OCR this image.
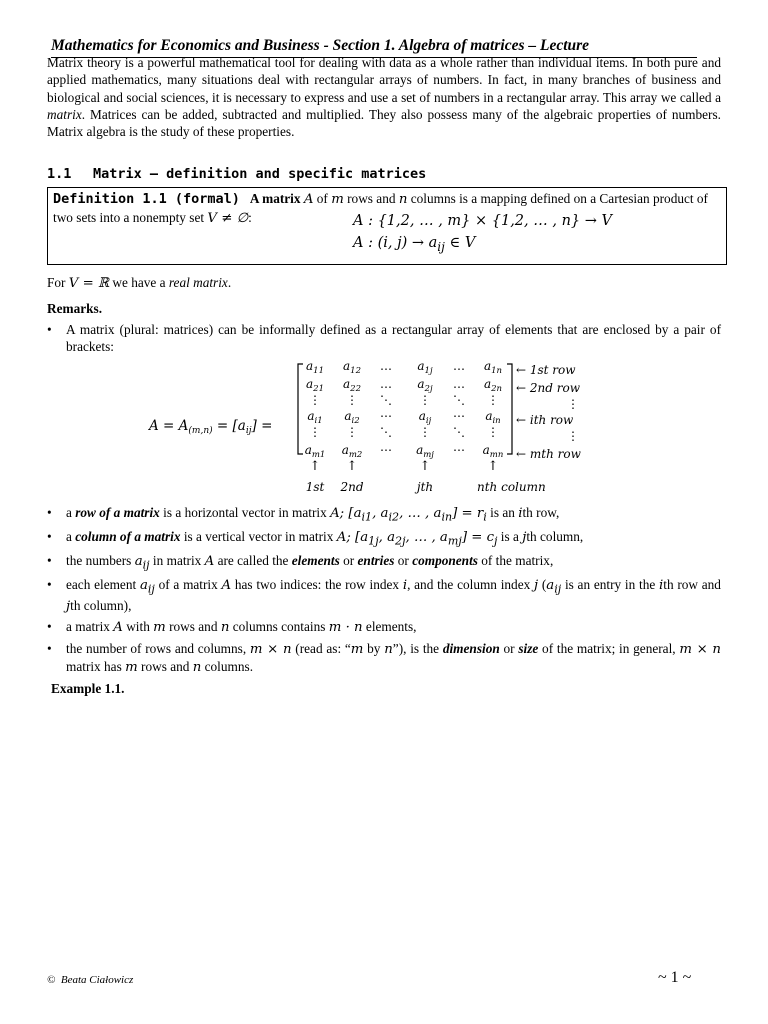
Mathematics for Economics and Business - Section 1. Algebra of matrices – Lecture
Matrix theory is a powerful mathematical tool for dealing with data as a whole rather than individual items. In both pure and applied mathematics, many situations deal with rectangular arrays of numbers. In fact, in many branches of business and biological and social sciences, it is necessary to express and use a set of numbers in a rectangular array. This array we called a matrix. Matrices can be added, subtracted and multiplied. They also possess many of the algebraic properties of numbers. Matrix algebra is the study of these properties.
1.1 Matrix – definition and specific matrices
Definition 1.1 (formal) A matrix A of m rows and n columns is a mapping defined on a Cartesian product of two sets into a nonempty set V ≠ ∅:	A : {1,2, … , m} × {1,2, … , n} → V
A : (i, $j) \to a_{ij}$ ∈ V
For V = ℝ we have a real matrix.
Remarks.
• A matrix (plural: matrices) can be informally defined as a rectangular array of elements that are enclosed by a pair of brackets:
$A = A_{(m,n)} = [a_{ij}]$ =
$a_{11}$ $a_{12}$ … $a_{1j}$ … $a_{1n}$
$a_{21}$ $a_{22}$ … $a_{2j}$ … $a_{2n}$
⋮ ⋮ ⋱ ⋮ ⋱ ⋮
$a_{i1}$ $a_{i2}$ ⋯ $a_{ij}$ ⋯ $a_{in}$
⋮ ⋮ ⋱ ⋮ ⋱ ⋮
$a_{m1}$ $a_{m2}$ ⋯ $a_{mj}$ ⋯ $a_{mn}$
← 1st row
← 2nd row
⋮
← ith row
⋮
← mth row
↑
1st
↑
2nd
↑
jth
↑
nth column
• a row of a matrix is a horizontal vector in matrix A; [$a_{i1}$, $a_{i2}$, … , $a_{in}] = r_i$ is an ith row,
• a column of a matrix is a vertical vector in matrix A; [$a_{1j}$, $a_{2j}$, … , $a_{mj}] = c_j$ is a jth column,
• the numbers $a_{ij}$ in matrix A are called the elements or entries or components of the matrix,
• each element $a_{ij}$ of a matrix A has two indices: the row index i, and the column index j ($a_{ij}$ is an entry in the ith row and jth column),
• a matrix A with m rows and n columns contains m · n elements,
• the number of rows and columns, m × n (read as: “m by n”), is the dimension or size of the matrix; in general, m × n matrix has m rows and n columns.
Example 1.1.
© Beata Ciałowicz	~ 1 ~
